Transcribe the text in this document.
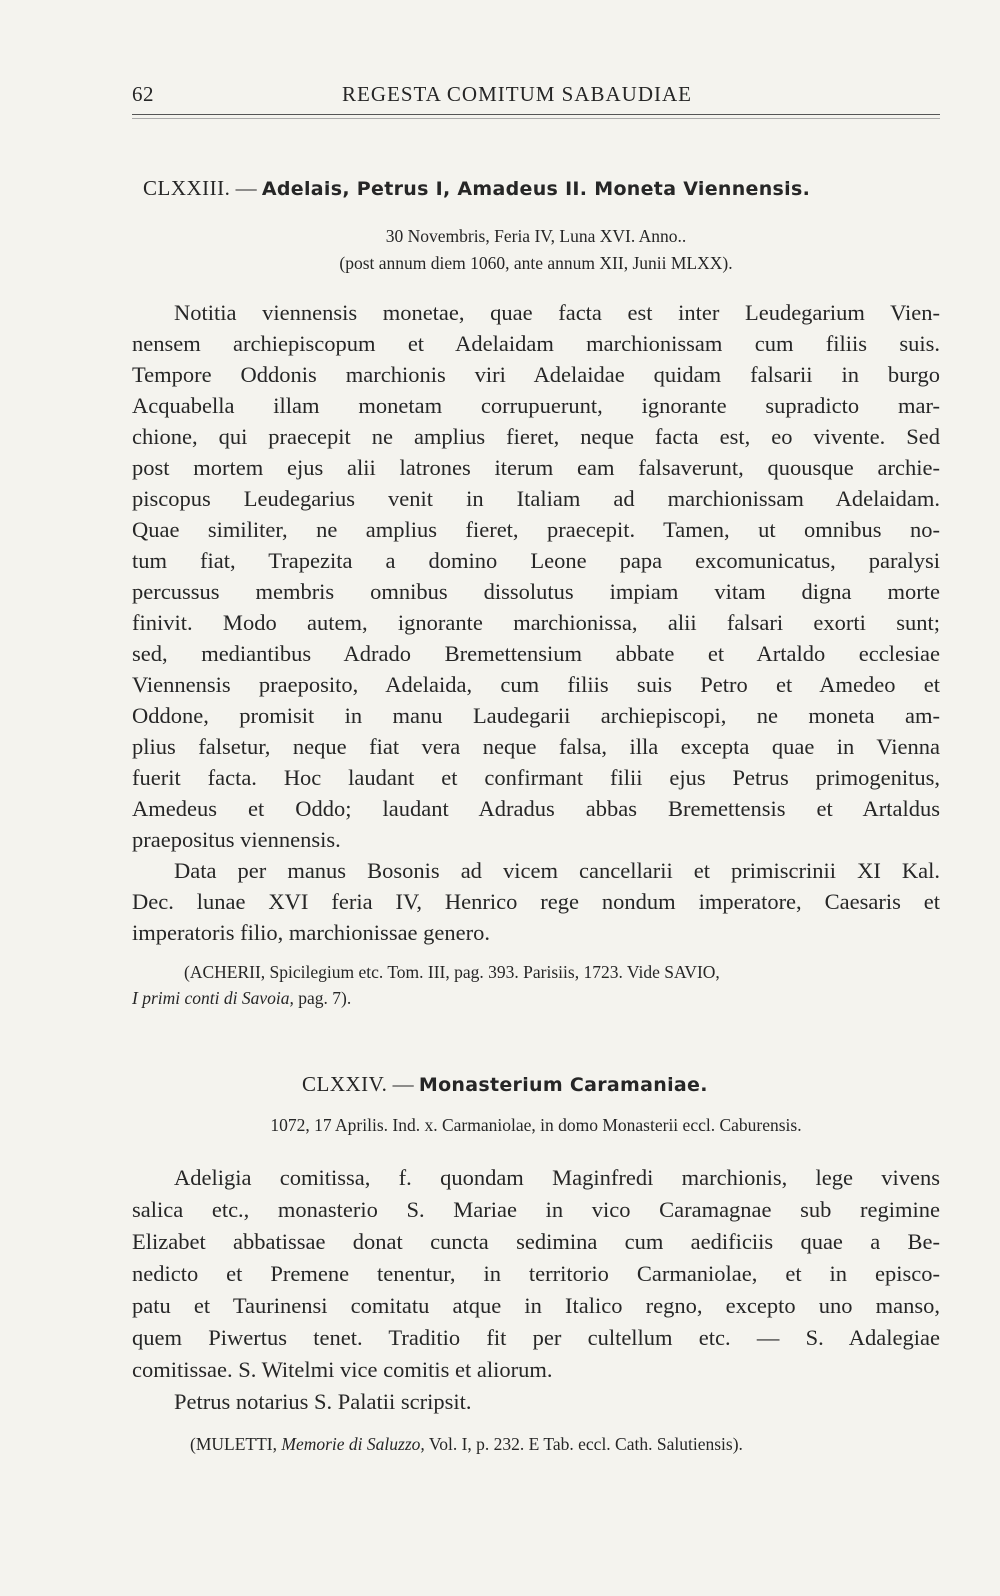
62	REGESTA COMITUM SABAUDIAE
CLXXIII. — Adelais, Petrus I, Amadeus II. Moneta Viennensis.
30 Novembris, Feria IV, Luna XVI. Anno..
(post annum diem 1060, ante annum XII, Junii MLXX).
Notitia viennensis monetae, quae facta est inter Leudegarium Vien-
nensem archiepiscopum et Adelaidam marchionissam cum filiis suis.
Tempore Oddonis marchionis viri Adelaidae quidam falsarii in burgo
Acquabella illam monetam corrupuerunt, ignorante supradicto mar-
chione, qui praecepit ne amplius fieret, neque facta est, eo vivente. Sed
post mortem ejus alii latrones iterum eam falsaverunt, quousque archie-
piscopus Leudegarius venit in Italiam ad marchionissam Adelaidam.
Quae similiter, ne amplius fieret, praecepit. Tamen, ut omnibus no-
tum fiat, Trapezita a domino Leone papa excomunicatus, paralysi
percussus membris omnibus dissolutus impiam vitam digna morte
finivit. Modo autem, ignorante marchionissa, alii falsari exorti sunt;
sed, mediantibus Adrado Bremettensium abbate et Artaldo ecclesiae
Viennensis praeposito, Adelaida, cum filiis suis Petro et Amedeo et
Oddone, promisit in manu Laudegarii archiepiscopi, ne moneta am-
plius falsetur, neque fiat vera neque falsa, illa excepta quae in Vienna
fuerit facta. Hoc laudant et confirmant filii ejus Petrus primogenitus,
Amedeus et Oddo; laudant Adradus abbas Bremettensis et Artaldus
praepositus viennensis.
Data per manus Bosonis ad vicem cancellarii et primiscrinii XI Kal.
Dec. lunae XVI feria IV, Henrico rege nondum imperatore, Caesaris et
imperatoris filio, marchionissae genero.
(ACHERII, Spicilegium etc. Tom. III, pag. 393. Parisiis, 1723. Vide SAVIO,
I primi conti di Savoia, pag. 7).
CLXXIV. — Monasterium Caramaniae.
1072, 17 Aprilis. Ind. x. Carmaniolae, in domo Monasterii eccl. Caburensis.
Adeligia comitissa, f. quondam Maginfredi marchionis, lege vivens
salica etc., monasterio S. Mariae in vico Caramagnae sub regimine
Elizabet abbatissae donat cuncta sedimina cum aedificiis quae a Be-
nedicto et Premene tenentur, in territorio Carmaniolae, et in episco-
patu et Taurinensi comitatu atque in Italico regno, excepto uno manso,
quem Piwertus tenet. Traditio fit per cultellum etc. — S. Adalegiae
comitissae. S. Witelmi vice comitis et aliorum.
Petrus notarius S. Palatii scripsit.
(MULETTI, Memorie di Saluzzo, Vol. I, p. 232. E Tab. eccl. Cath. Salutiensis).
